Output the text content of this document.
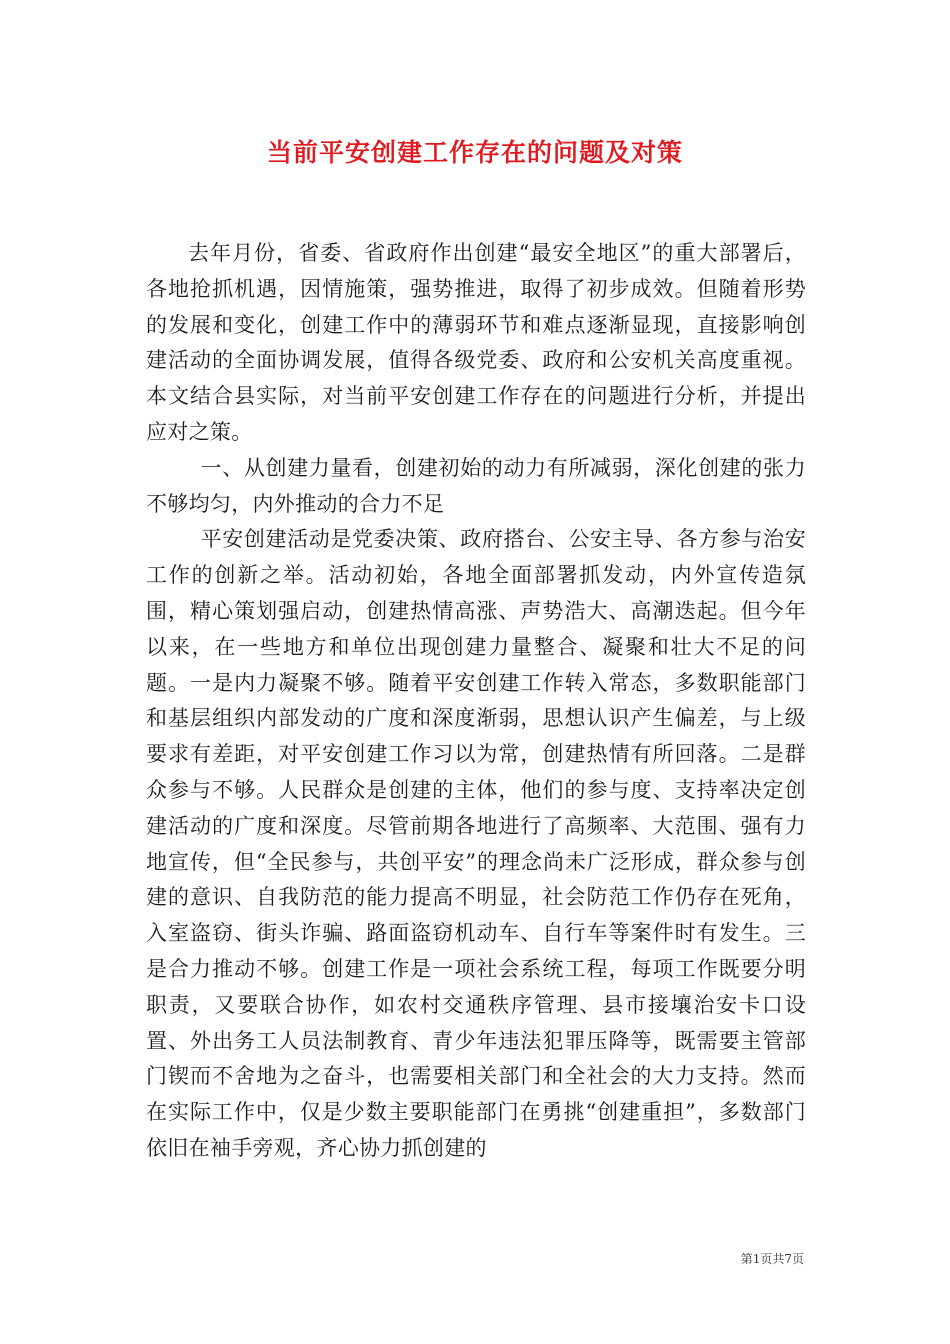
当前平安创建工作存在的问题及对策

去年月份，省委、省政府作出创建“最安全地区”的重大部署后，各地抢抓机遇，因情施策，强势推进，取得了初步成效。但随着形势的发展和变化，创建工作中的薄弱环节和难点逐渐显现，直接影响创建活动的全面协调发展，值得各级党委、政府和公安机关高度重视。本文结合县实际，对当前平安创建工作存在的问题进行分析，并提出应对之策。

一、从创建力量看，创建初始的动力有所减弱，深化创建的张力不够均匀，内外推动的合力不足

平安创建活动是党委决策、政府搭台、公安主导、各方参与治安工作的创新之举。活动初始，各地全面部署抓发动，内外宣传造氛围，精心策划强启动，创建热情高涨、声势浩大、高潮迭起。但今年以来，在一些地方和单位出现创建力量整合、凝聚和壮大不足的问题。一是内力凝聚不够。随着平安创建工作转入常态，多数职能部门和基层组织内部发动的广度和深度渐弱，思想认识产生偏差，与上级要求有差距，对平安创建工作习以为常，创建热情有所回落。二是群众参与不够。人民群众是创建的主体，他们的参与度、支持率决定创建活动的广度和深度。尽管前期各地进行了高频率、大范围、强有力地宣传，但“全民参与，共创平安”的理念尚未广泛形成，群众参与创建的意识、自我防范的能力提高不明显，社会防范工作仍存在死角，入室盗窃、街头诈骗、路面盗窃机动车、自行车等案件时有发生。三是合力推动不够。创建工作是一项社会系统工程，每项工作既要分明职责，又要联合协作，如农村交通秩序管理、县市接壤治安卡口设置、外出务工人员法制教育、青少年违法犯罪压降等，既需要主管部门锲而不舍地为之奋斗，也需要相关部门和全社会的大力支持。然而在实际工作中，仅是少数主要职能部门在勇挑“创建重担”，多数部门依旧在袖手旁观，齐心协力抓创建的

第1页共7页
